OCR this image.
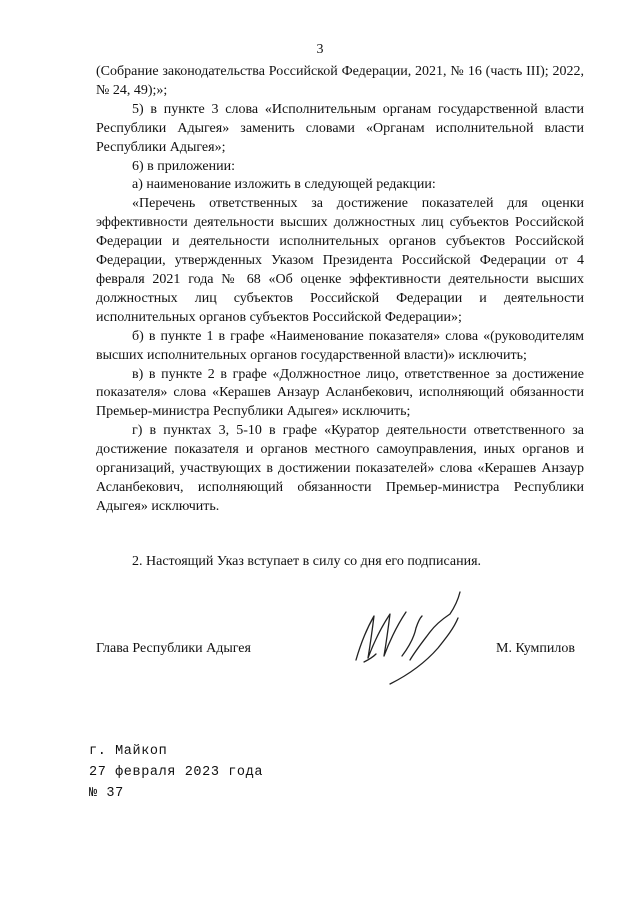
3

(Собрание законодательства Российской Федерации, 2021, № 16 (часть III); 2022, № 24, 49);»;

5) в пункте 3 слова «Исполнительным органам государственной власти Республики Адыгея» заменить словами «Органам исполнительной власти Республики Адыгея»;

6) в приложении:

а) наименование изложить в следующей редакции:

«Перечень ответственных за достижение показателей для оценки эффективности деятельности высших должностных лиц субъектов Российской Федерации и деятельности исполнительных органов субъектов Российской Федерации, утвержденных Указом Президента Российской Федерации от 4 февраля 2021 года № 68 «Об оценке эффективности деятельности высших должностных лиц субъектов Российской Федерации и деятельности исполнительных органов субъектов Российской Федерации»;

б) в пункте 1 в графе «Наименование показателя» слова «(руководителям высших исполнительных органов государственной власти)» исключить;

в) в пункте 2 в графе «Должностное лицо, ответственное за достижение показателя» слова «Керашев Анзаур Асланбекович, исполняющий обязанности Премьер-министра Республики Адыгея» исключить;

г) в пунктах 3, 5-10 в графе «Куратор деятельности ответственного за достижение показателя и органов местного самоуправления, иных органов и организаций, участвующих в достижении показателей» слова «Керашев Анзаур Асланбекович, исполняющий обязанности Премьер-министра Республики Адыгея» исключить.

2. Настоящий Указ вступает в силу со дня его подписания.

Глава Республики Адыгея	М. Кумпилов
г. Майкоп
27 февраля 2023 года
№ 37
